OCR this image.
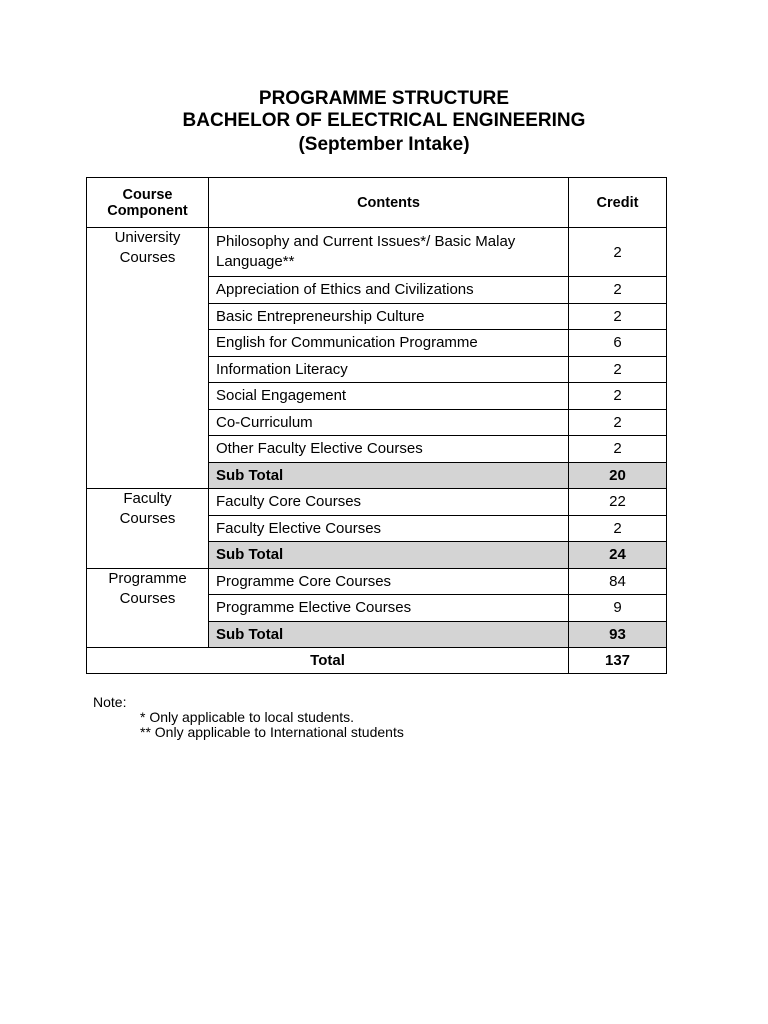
PROGRAMME STRUCTURE
BACHELOR OF ELECTRICAL ENGINEERING
(September Intake)
Course Component	Contents	Credit
University Courses	Philosophy and Current Issues*/ Basic Malay Language**	2
	Appreciation of Ethics and Civilizations	2
	Basic Entrepreneurship Culture	2
	English for Communication Programme	6
	Information Literacy	2
	Social Engagement	2
	Co-Curriculum	2
	Other Faculty Elective Courses	2
	Sub Total	20
Faculty Courses	Faculty Core Courses	22
	Faculty Elective Courses	2
	Sub Total	24
Programme Courses	Programme Core Courses	84
	Programme Elective Courses	9
	Sub Total	93
Total		137
Note:
* Only applicable to local students.
** Only applicable to International students
